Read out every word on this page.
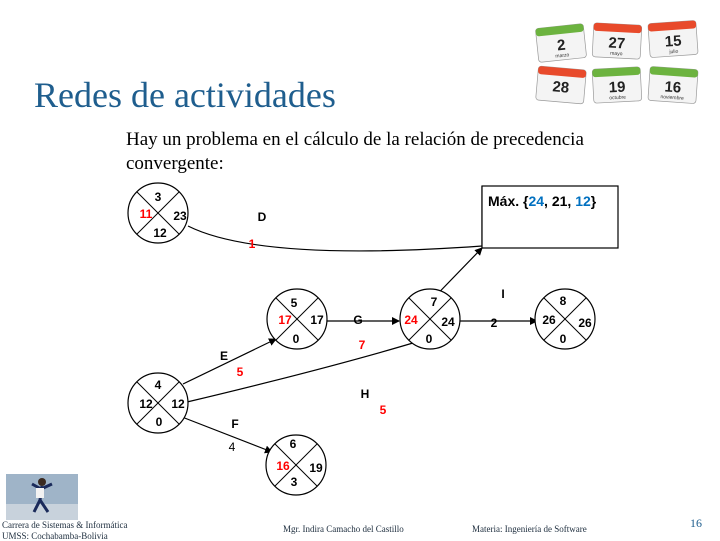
Redes de actividades
Hay un problema en el cálculo de la relación de precedencia
convergente:
2
marzo
27
mayo
15
julio
28	19
octubre
16
noviembre
Máx. {24, 21, 12}
3
11 23
12
5
17 17
0
7
24 24
0
8
26 26
0
4
12 12
0
6
16 19
3
D
1
G
7
I
2
E
5
H
5
F
4
Carrera de Sistemas & Informática
UMSS: Cochabamba-Bolivia
Mgr. Indira Camacho del Castillo	Materia: Ingeniería de Software	16
